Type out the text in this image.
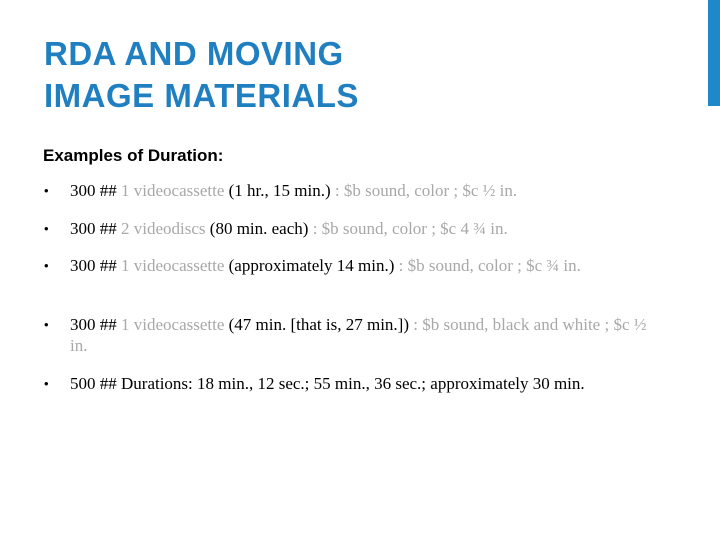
RDA AND MOVING
IMAGE MATERIALS

Examples of Duration:

• 300 ## 1 videocassette (1 hr., 15 min.) : $b sound, color ; $c ½ in.
• 300 ## 2 videodiscs (80 min. each) : $b sound, color ; $c 4 ¾ in.
• 300 ## 1 videocassette (approximately 14 min.) : $b sound, color ; $c ¾ in.
• 300 ## 1 videocassette (47 min. [that is, 27 min.]) : $b sound, black and white ; $c ½ in.
• 500 ## Durations: 18 min., 12 sec.; 55 min., 36 sec.; approximately 30 min.
